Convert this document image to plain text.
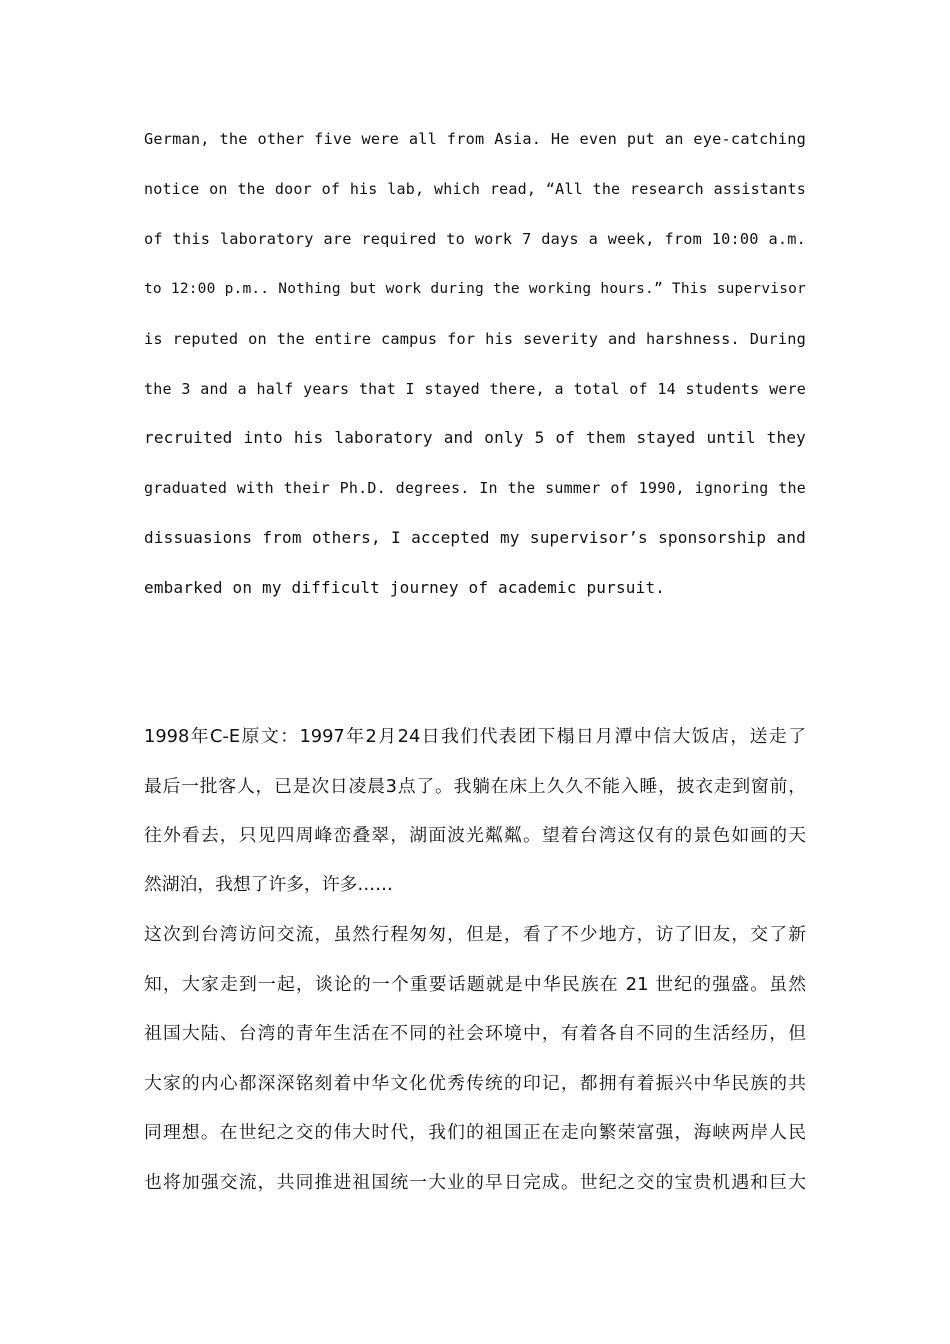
German, the other five were all from Asia. He even put an eye-catching
notice on the door of his lab, which read, “All the research assistants
of this laboratory are required to work 7 days a week, from 10:00 a.m.
to 12:00 p.m.. Nothing but work during the working hours.” This supervisor
is reputed on the entire campus for his severity and harshness. During
the 3 and a half years that I stayed there, a total of 14 students were
recruited into his laboratory and only 5 of them stayed until they
graduated with their Ph.D. degrees. In the summer of 1990, ignoring the
dissuasions from others, I accepted my supervisor’s sponsorship and
embarked on my difficult journey of academic pursuit.
1998年C-E原文：1997年2月24日我们代表团下榻日月潭中信大饭店，送走了
最后一批客人，已是次日凌晨3点了。我躺在床上久久不能入睡，披衣走到窗前，
往外看去，只见四周峰峦叠翠，湖面波光粼粼。望着台湾这仅有的景色如画的天
然湖泊，我想了许多，许多……
这次到台湾访问交流，虽然行程匆匆，但是，看了不少地方，访了旧友，交了新
知，大家走到一起，谈论的一个重要话题就是中华民族在 21 世纪的强盛。虽然
祖国大陆、台湾的青年生活在不同的社会环境中，有着各自不同的生活经历，但
大家的内心都深深铭刻着中华文化优秀传统的印记，都拥有着振兴中华民族的共
同理想。在世纪之交的伟大时代，我们的祖国正在走向繁荣富强，海峡两岸人民
也将加强交流，共同推进祖国统一大业的早日完成。世纪之交的宝贵机遇和巨大
